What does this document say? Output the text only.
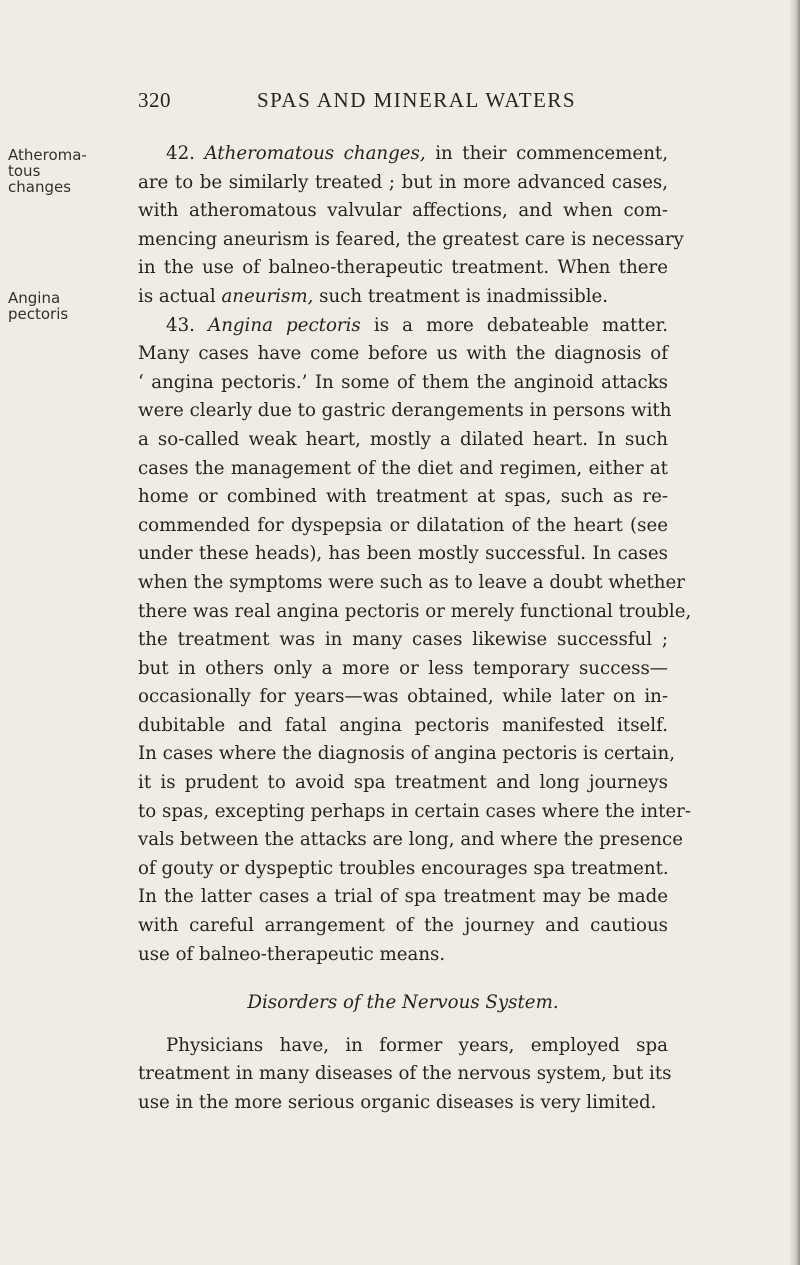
320	SPAS AND MINERAL WATERS
Atheroma-
tous
changes
Angina
pectoris
42. Atheromatous changes, in their commencement,
are to be similarly treated ; but in more advanced cases,
with atheromatous valvular affections, and when com-
mencing aneurism is feared, the greatest care is necessary
in the use of balneo-therapeutic treatment. When there
is actual aneurism, such treatment is inadmissible.
43. Angina pectoris is a more debateable matter.
Many cases have come before us with the diagnosis of
‘ angina pectoris.’ In some of them the anginoid attacks
were clearly due to gastric derangements in persons with
a so-called weak heart, mostly a dilated heart. In such
cases the management of the diet and regimen, either at
home or combined with treatment at spas, such as re-
commended for dyspepsia or dilatation of the heart (see
under these heads), has been mostly successful. In cases
when the symptoms were such as to leave a doubt whether
there was real angina pectoris or merely functional trouble,
the treatment was in many cases likewise successful ;
but in others only a more or less temporary success—
occasionally for years—was obtained, while later on in-
dubitable and fatal angina pectoris manifested itself.
In cases where the diagnosis of angina pectoris is certain,
it is prudent to avoid spa treatment and long journeys
to spas, excepting perhaps in certain cases where the inter-
vals between the attacks are long, and where the presence
of gouty or dyspeptic troubles encourages spa treatment.
In the latter cases a trial of spa treatment may be made
with careful arrangement of the journey and cautious
use of balneo-therapeutic means.
Disorders of the Nervous System.
Physicians have, in former years, employed spa
treatment in many diseases of the nervous system, but its
use in the more serious organic diseases is very limited.
